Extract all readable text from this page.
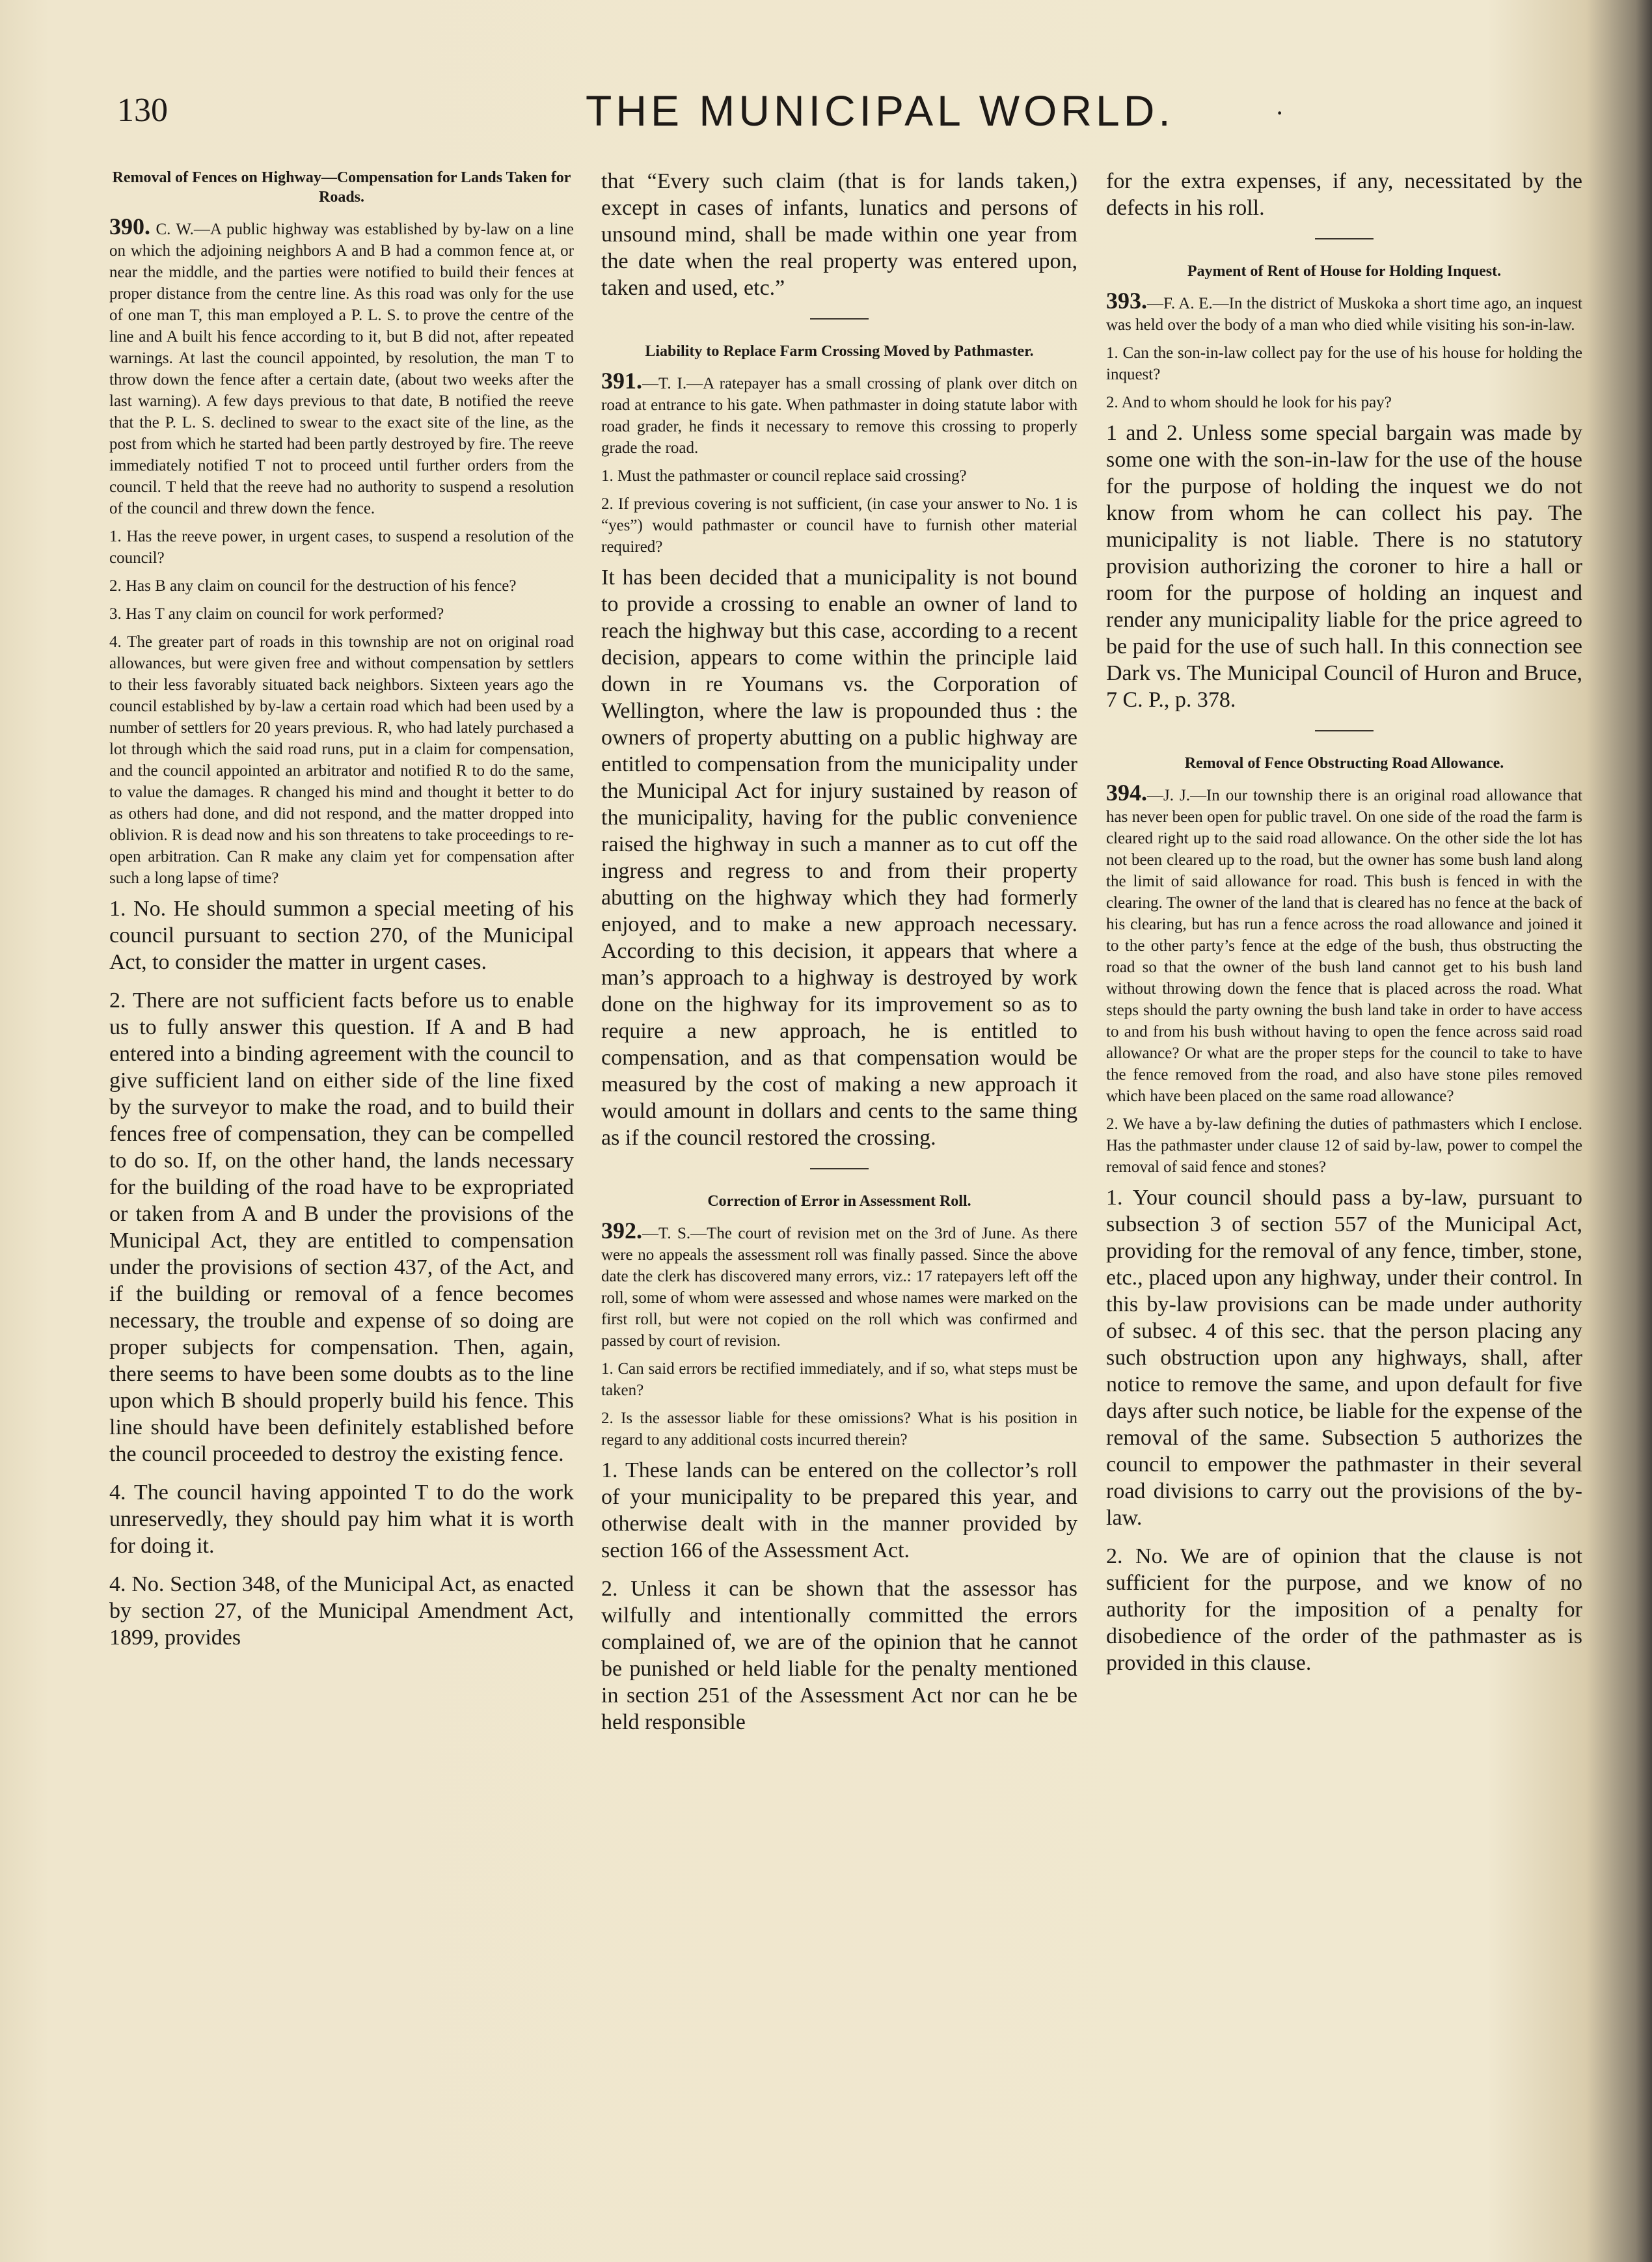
130	THE MUNICIPAL WORLD.	·
Removal of Fences on Highway—Compensation for Lands Taken for Roads.

390. C. W.—A public highway was established by by-law on a line on which the adjoining neighbors A and B had a common fence at, or near the middle, and the parties were notified to build their fences at proper distance from the centre line. As this road was only for the use of one man T, this man employed a P. L. S. to prove the centre of the line and A built his fence according to it, but B did not, after repeated warnings. At last the council appointed, by resolution, the man T to throw down the fence after a certain date, (about two weeks after the last warning). A few days previous to that date, B notified the reeve that the P. L. S. declined to swear to the exact site of the line, as the post from which he started had been partly destroyed by fire. The reeve immediately notified T not to proceed until further orders from the council. T held that the reeve had no authority to suspend a resolution of the council and threw down the fence.

1. Has the reeve power, in urgent cases, to suspend a resolution of the council?

2. Has B any claim on council for the destruction of his fence?

3. Has T any claim on council for work performed?

4. The greater part of roads in this township are not on original road allowances, but were given free and without compensation by settlers to their less favorably situated back neighbors. Sixteen years ago the council established by by-law a certain road which had been used by a number of settlers for 20 years previous. R, who had lately purchased a lot through which the said road runs, put in a claim for compensation, and the council appointed an arbitrator and notified R to do the same, to value the damages. R changed his mind and thought it better to do as others had done, and did not respond, and the matter dropped into oblivion. R is dead now and his son threatens to take proceedings to re-open arbitration. Can R make any claim yet for compensation after such a long lapse of time?

1. No. He should summon a special meeting of his council pursuant to section 270, of the Municipal Act, to consider the matter in urgent cases.

2. There are not sufficient facts before us to enable us to fully answer this question. If A and B had entered into a binding agreement with the council to give sufficient land on either side of the line fixed by the surveyor to make the road, and to build their fences free of compensation, they can be compelled to do so. If, on the other hand, the lands necessary for the building of the road have to be expropriated or taken from A and B under the provisions of the Municipal Act, they are entitled to compensation under the provisions of section 437, of the Act, and if the building or removal of a fence becomes necessary, the trouble and expense of so doing are proper subjects for compensation. Then, again, there seems to have been some doubts as to the line upon which B should properly build his fence. This line should have been definitely established before the council proceeded to destroy the existing fence.

4. The council having appointed T to do the work unreservedly, they should pay him what it is worth for doing it.

4. No. Section 348, of the Municipal Act, as enacted by section 27, of the Municipal Amendment Act, 1899, provides

that “Every such claim (that is for lands taken,) except in cases of infants, lunatics and persons of unsound mind, shall be made within one year from the date when the real property was entered upon, taken and used, etc.”

Liability to Replace Farm Crossing Moved by Pathmaster.

391.—T. I.—A ratepayer has a small crossing of plank over ditch on road at entrance to his gate. When pathmaster in doing statute labor with road grader, he finds it necessary to remove this crossing to properly grade the road.

1. Must the pathmaster or council replace said crossing?

2. If previous covering is not sufficient, (in case your answer to No. 1 is “yes”) would pathmaster or council have to furnish other material required?

It has been decided that a municipality is not bound to provide a crossing to enable an owner of land to reach the highway but this case, according to a recent decision, appears to come within the principle laid down in re Youmans vs. the Corporation of Wellington, where the law is propounded thus : the owners of property abutting on a public highway are entitled to compensation from the municipality under the Municipal Act for injury sustained by reason of the municipality, having for the public convenience raised the highway in such a manner as to cut off the ingress and regress to and from their property abutting on the highway which they had formerly enjoyed, and to make a new approach necessary. According to this decision, it appears that where a man’s approach to a highway is destroyed by work done on the highway for its improvement so as to require a new approach, he is entitled to compensation, and as that compensation would be measured by the cost of making a new approach it would amount in dollars and cents to the same thing as if the council restored the crossing.

Correction of Error in Assessment Roll.

392.—T. S.—The court of revision met on the 3rd of June. As there were no appeals the assessment roll was finally passed. Since the above date the clerk has discovered many errors, viz.: 17 ratepayers left off the roll, some of whom were assessed and whose names were marked on the first roll, but were not copied on the roll which was confirmed and passed by court of revision.

1. Can said errors be rectified immediately, and if so, what steps must be taken?

2. Is the assessor liable for these omissions? What is his position in regard to any additional costs incurred therein?

1. These lands can be entered on the collector’s roll of your municipality to be prepared this year, and otherwise dealt with in the manner provided by section 166 of the Assessment Act.

2. Unless it can be shown that the assessor has wilfully and intentionally committed the errors complained of, we are of the opinion that he cannot be punished or held liable for the penalty mentioned in section 251 of the Assessment Act nor can he be held responsible

for the extra expenses, if any, necessitated by the defects in his roll.

Payment of Rent of House for Holding Inquest.

393.—F. A. E.—In the district of Muskoka a short time ago, an inquest was held over the body of a man who died while visiting his son-in-law.

1. Can the son-in-law collect pay for the use of his house for holding the inquest?

2. And to whom should he look for his pay?

1 and 2. Unless some special bargain was made by some one with the son-in-law for the use of the house for the purpose of holding the inquest we do not know from whom he can collect his pay. The municipality is not liable. There is no statutory provision authorizing the coroner to hire a hall or room for the purpose of holding an inquest and render any municipality liable for the price agreed to be paid for the use of such hall. In this connection see Dark vs. The Municipal Council of Huron and Bruce, 7 C. P., p. 378.

Removal of Fence Obstructing Road Allowance.

394.—J. J.—In our township there is an original road allowance that has never been open for public travel. On one side of the road the farm is cleared right up to the said road allowance. On the other side the lot has not been cleared up to the road, but the owner has some bush land along the limit of said allowance for road. This bush is fenced in with the clearing. The owner of the land that is cleared has no fence at the back of his clearing, but has run a fence across the road allowance and joined it to the other party’s fence at the edge of the bush, thus obstructing the road so that the owner of the bush land cannot get to his bush land without throwing down the fence that is placed across the road. What steps should the party owning the bush land take in order to have access to and from his bush without having to open the fence across said road allowance? Or what are the proper steps for the council to take to have the fence removed from the road, and also have stone piles removed which have been placed on the same road allowance?

2. We have a by-law defining the duties of pathmasters which I enclose. Has the pathmaster under clause 12 of said by-law, power to compel the removal of said fence and stones?

1. Your council should pass a by-law, pursuant to subsection 3 of section 557 of the Municipal Act, providing for the removal of any fence, timber, stone, etc., placed upon any highway, under their control. In this by-law provisions can be made under authority of subsec. 4 of this sec. that the person placing any such obstruction upon any highways, shall, after notice to remove the same, and upon default for five days after such notice, be liable for the expense of the removal of the same. Subsection 5 authorizes the council to empower the pathmaster in their several road divisions to carry out the provisions of the by-law.

2. No. We are of opinion that the clause is not sufficient for the purpose, and we know of no authority for the imposition of a penalty for disobedience of the order of the pathmaster as is provided in this clause.
